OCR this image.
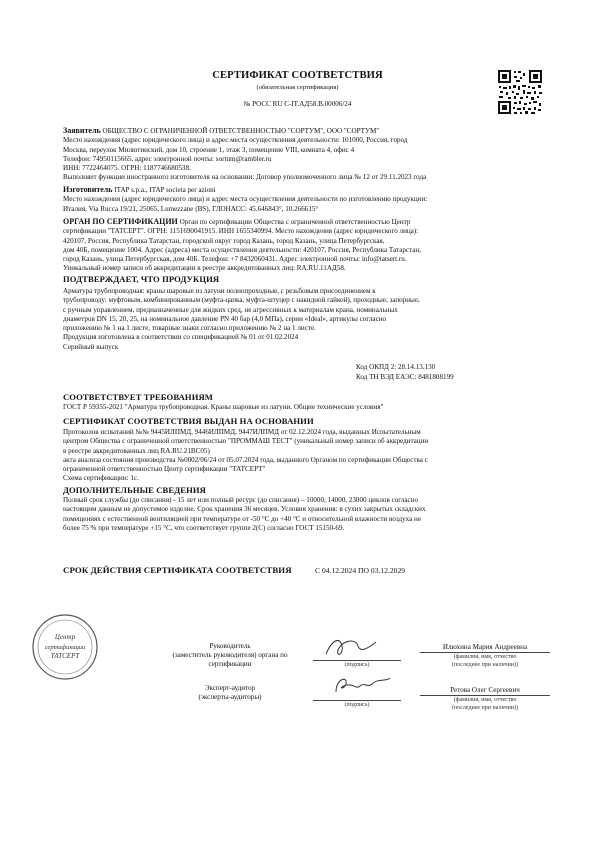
СЕРТИФИКАТ СООТВЕТСТВИЯ
(обязательная сертификация)
№ РОСС RU С-IT.АД58.В.00006/24
Заявитель ОБЩЕСТВО С ОГРАНИЧЕННОЙ ОТВЕТСТВЕННОСТЬЮ "СОРТУМ", ООО "СОРТУМ"
Место нахождения (адрес юридического лица) и адрес места осуществления деятельности: 101000, Россия, город
Москва, переулок Милютинский, дом 10, строение 1, этаж 3, помещение VIII, комната 4, офис 4
Телефон: 74950115665, адрес электронной почты: sortum@rambler.ru
ИНН: 7722464075. ОГРН: 1187746680538.
Выполняет функции иностранного изготовителя на основании: Договор уполномоченного лица № 12 от 29.11.2023 года
Изготовитель ITAP s.p.a., ITAP societa per azioni
Место нахождения (адрес юридического лица) и адрес места осуществления деятельности по изготовлению продукции:
Италия, Via Rucca 19/21, 25065, Lumezzane (BS), ГЛОНАСС: 45.646843°, 10.266615°
ОРГАН ПО СЕРТИФИКАЦИИ Орган по сертификации Общества с ограниченной ответственностью Центр
сертификации "ТАТСЕРТ". ОГРН: 1151690041915. ИНН 1655340994. Место нахождения (адрес юридического лица):
420107, Россия, Республика Татарстан, городской округ город Казань, город Казань, улица Петербургская,
дом 40Б, помещение 1004. Адрес (адреса) места осуществления деятельности: 420107, Россия, Республика Татарстан,
город Казань, улица Петербургская, дом 40Б. Телефон: +7 8432060431. Адрес электронной почты: info@tatsert.ru.
Уникальный номер записи об аккредитации в реестре аккредитованных лиц: RA.RU.11АД58.
ПОДТВЕРЖДАЕТ, ЧТО ПРОДУКЦИЯ
Арматура трубопроводная: краны шаровые из латуни полнопроходные, с резьбовым присоединением к
трубопроводу: муфтовым, комбинированным (муфта-цапка, муфта-штуцер с накидной гайкой), проходные, запорные,
с ручным управлением, предназначенные для жидких сред, не агрессивных к материалам крана, номинальных
диаметров DN 15, 20, 25, на номинальное давление PN 40 бар (4,0 МПа), серии «Ideal», артикулы согласно
приложению № 1 на 1 листе, товарные знаки согласно приложению № 2 на 1 листе.
Продукция изготовлена в соответствии со спецификацией № 01 от 01.02.2024
Серийный выпуск
Код ОКПД 2: 28.14.13.130
Код ТН ВЭД ЕАЭС: 8481808199
СООТВЕТСТВУЕТ ТРЕБОВАНИЯМ
ГОСТ Р 59355-2021 "Арматура трубопроводная. Краны шаровые из латуни. Общие технические условия"
СЕРТИФИКАТ СООТВЕТСТВИЯ ВЫДАН НА ОСНОВАНИИ
Протоколов испытаний №№ 9445ИЛПМД, 9446ИЛПМД, 9447ИЛПМД от 02.12.2024 года, выданных Испытательным
центром Общества с ограниченной ответственностью "ПРОММАШ ТЕСТ" (уникальный номер записи об аккредитации
в реестре аккредитованных лиц RA.RU.21ВС05)
акта анализа состояния производства №0002/06/24 от 05.07.2024 года, выданного Органом по сертификации Общества с
ограниченной ответственностью Центр сертификации "ТАТСЕРТ"
Схема сертификации: 1с.
ДОПОЛНИТЕЛЬНЫЕ СВЕДЕНИЯ
Полный срок службы (до списания) - 15 лет или полный ресурс (до списания) – 10000, 14000, 23000 циклов согласно
настоящим данным не допустимое изделие. Срок хранения 36 месяцев. Условия хранения: в сухих закрытых складских
помещениях с естественной вентиляцией при температуре от -50 °С до +40 °С и относительной влажности воздуха не
более 75 % при температуре +15 °С, что соответствует группе 2(С) согласно ГОСТ 15150-69.
СРОК ДЕЙСТВИЯ СЕРТИФИКАТА СООТВЕТСТВИЯ	С 04.12.2024 ПО 03.12.2029
Центр
сертификации
ТАТСЕРТ
Руководитель
(заместитель руководителя) органа по
сертификации	(подпись)
Илюхина Мария Андреевна
(фамилия, имя, отчество
(последнее при наличии))
Эксперт-аудитор
(эксперты-аудиторы)
(подпись)
Ретова Олег Сергеевич
(фамилия, имя, отчество
(последнее при наличии))
